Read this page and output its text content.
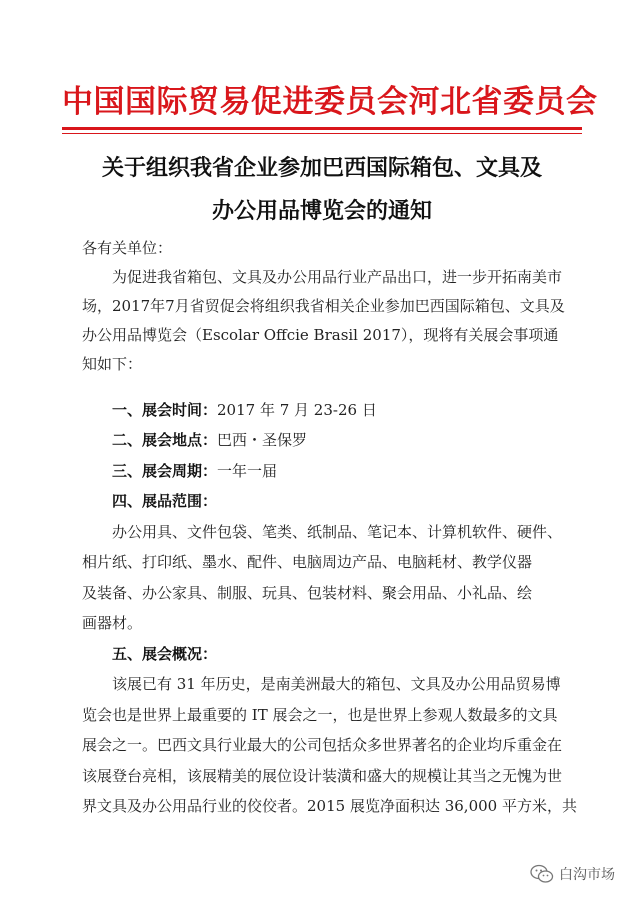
中国国际贸易促进委员会河北省委员会
关于组织我省企业参加巴西国际箱包、文具及
办公用品博览会的通知
各有关单位：
为促进我省箱包、文具及办公用品行业产品出口，进一步开拓南美市
场，2017年7月省贸促会将组织我省相关企业参加巴西国际箱包、文具及
办公用品博览会（Escolar Offcie Brasil 2017），现将有关展会事项通
知如下：
一、展会时间：2017 年 7 月 23-26 日
二、展会地点：巴西・圣保罗
三、展会周期：一年一届
四、展品范围：
办公用具、文件包袋、笔类、纸制品、笔记本、计算机软件、硬件、
相片纸、打印纸、墨水、配件、电脑周边产品、电脑耗材、教学仪器
及装备、办公家具、制服、玩具、包装材料、聚会用品、小礼品、绘
画器材。
五、展会概况：
该展已有 31 年历史，是南美洲最大的箱包、文具及办公用品贸易博
览会也是世界上最重要的 IT 展会之一，也是世界上参观人数最多的文具
展会之一。巴西文具行业最大的公司包括众多世界著名的企业均斥重金在
该展登台亮相，该展精美的展位设计装潢和盛大的规模让其当之无愧为世
界文具及办公用品行业的佼佼者。2015 展览净面积达 36,000 平方米，共
白沟市场
